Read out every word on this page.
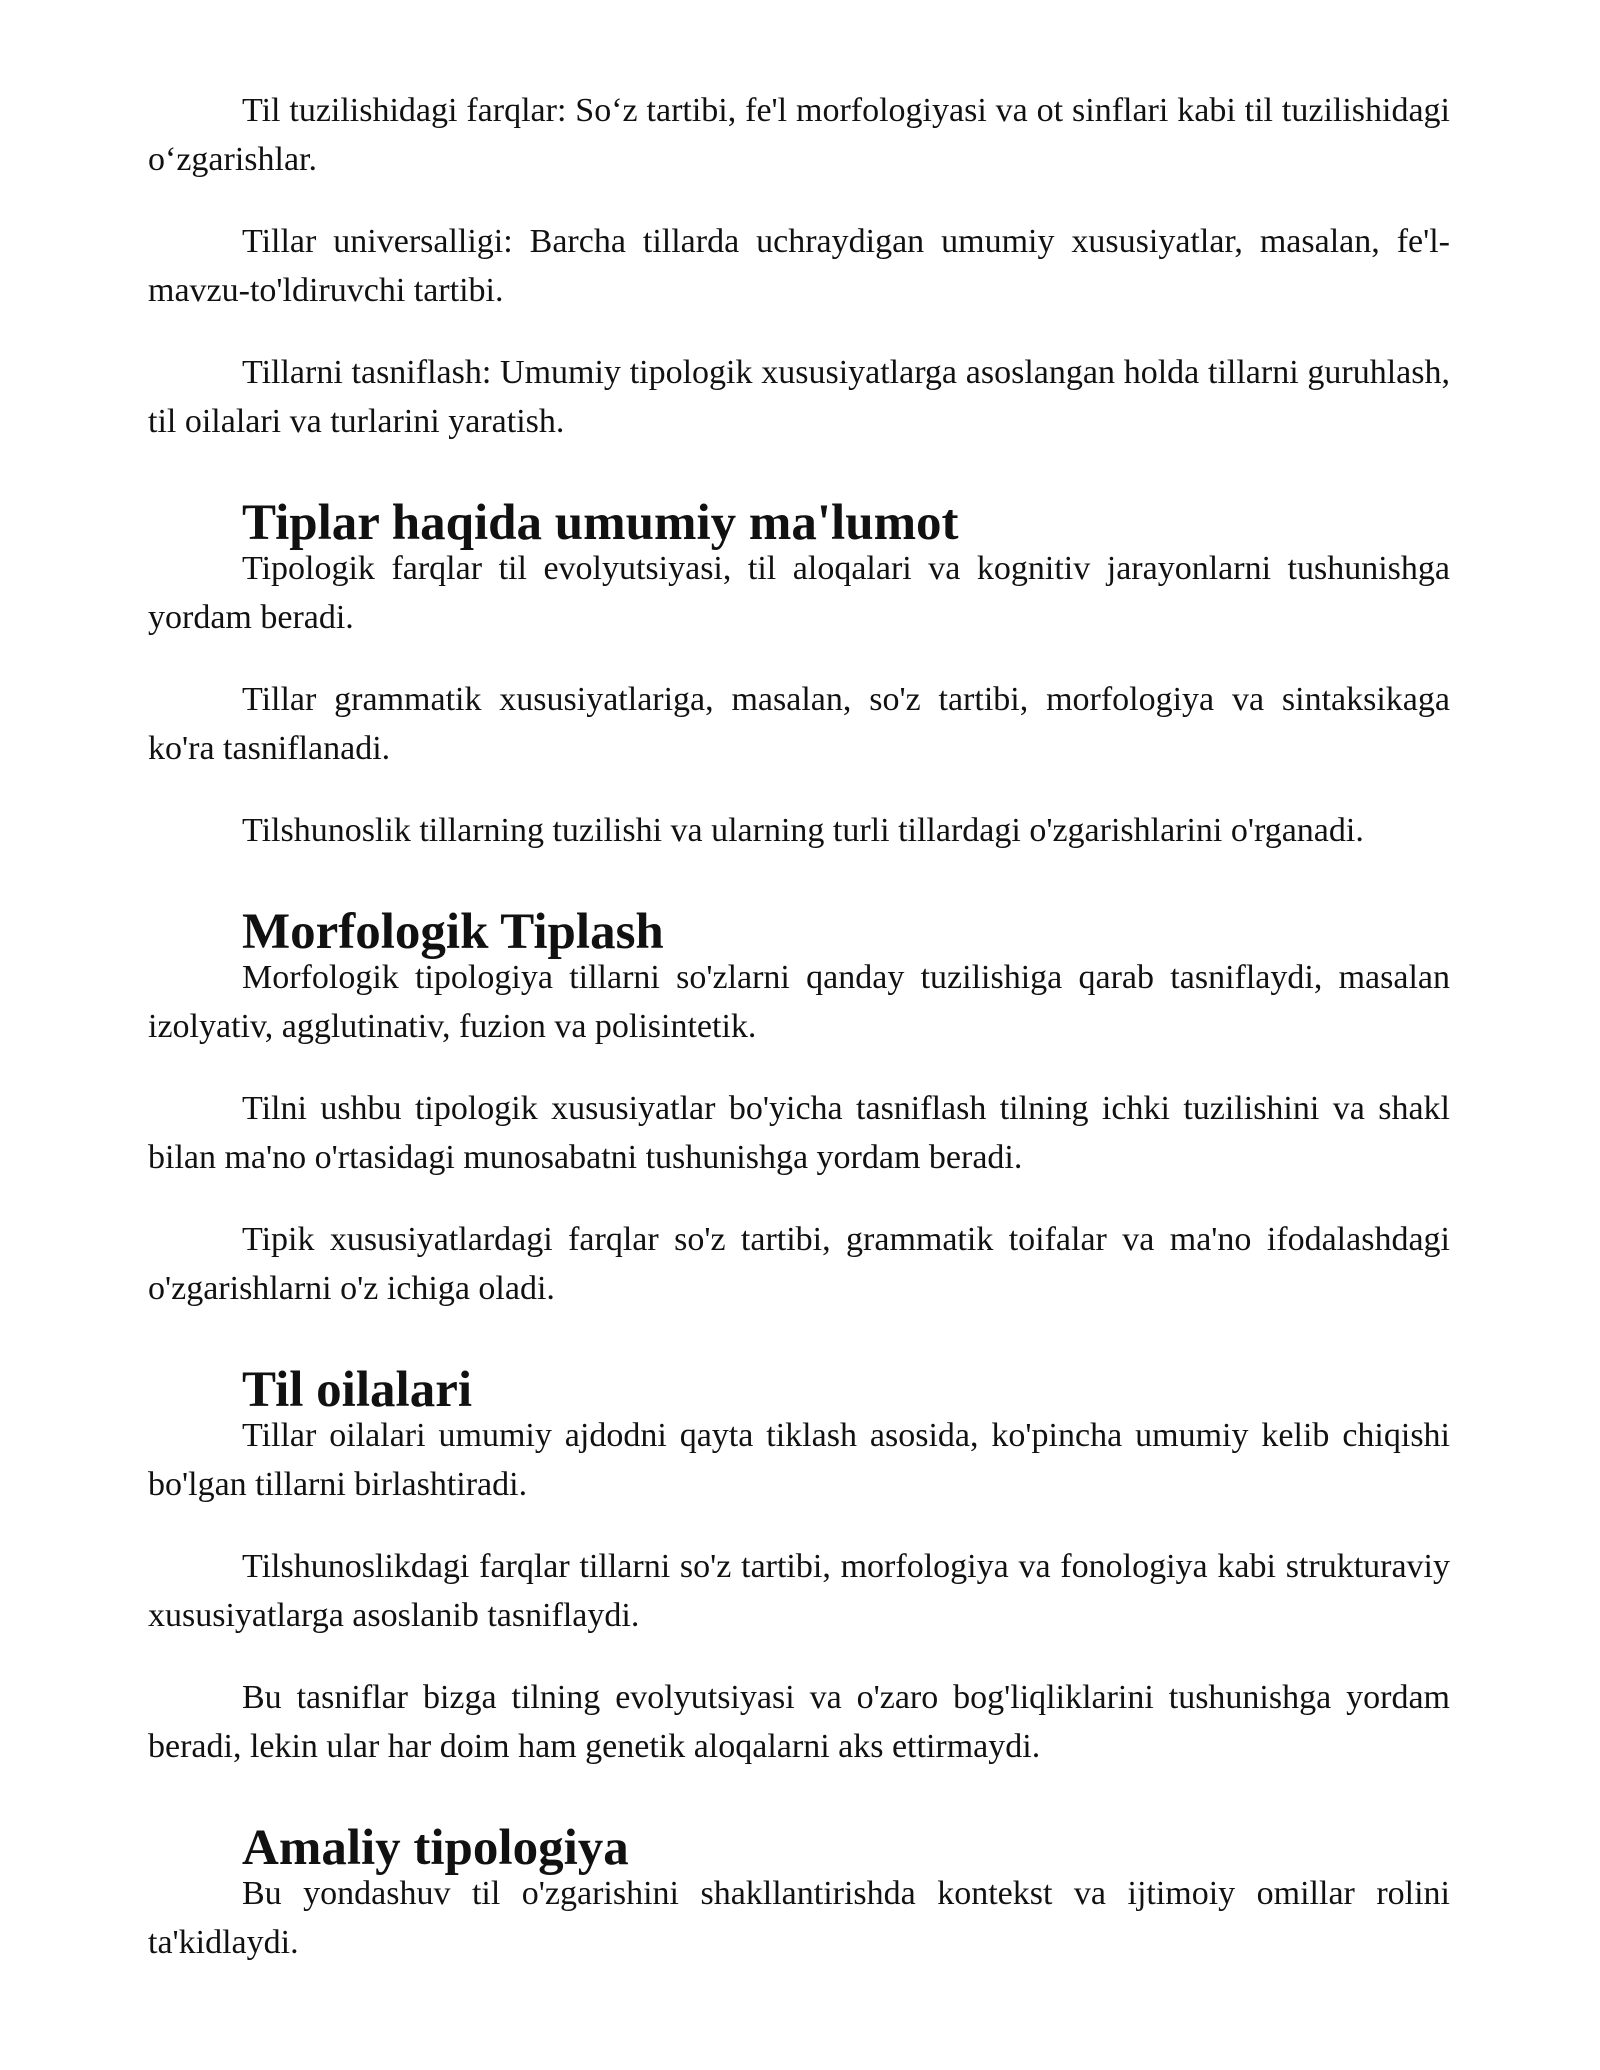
Til tuzilishidagi farqlar: So‘z tartibi, fe'l morfologiyasi va ot sinflari kabi til tuzilishidagi o‘zgarishlar.

Tillar universalligi: Barcha tillarda uchraydigan umumiy xususiyatlar, masalan, fe'l-mavzu-to'ldiruvchi tartibi.

Tillarni tasniflash: Umumiy tipologik xususiyatlarga asoslangan holda tillarni guruhlash, til oilalari va turlarini yaratish.

Tiplar haqida umumiy ma'lumot

Tipologik farqlar til evolyutsiyasi, til aloqalari va kognitiv jarayonlarni tushunishga yordam beradi.

Tillar grammatik xususiyatlariga, masalan, so'z tartibi, morfologiya va sintaksikaga ko'ra tasniflanadi.

Tilshunoslik tillarning tuzilishi va ularning turli tillardagi o'zgarishlarini o'rganadi.

Morfologik Tiplash

Morfologik tipologiya tillarni so'zlarni qanday tuzilishiga qarab tasniflaydi, masalan izolyativ, agglutinativ, fuzion va polisintetik.

Tilni ushbu tipologik xususiyatlar bo'yicha tasniflash tilning ichki tuzilishini va shakl bilan ma'no o'rtasidagi munosabatni tushunishga yordam beradi.

Tipik xususiyatlardagi farqlar so'z tartibi, grammatik toifalar va ma'no ifodalashdagi o'zgarishlarni o'z ichiga oladi.

Til oilalari

Tillar oilalari umumiy ajdodni qayta tiklash asosida, ko'pincha umumiy kelib chiqishi bo'lgan tillarni birlashtiradi.

Tilshunoslikdagi farqlar tillarni so'z tartibi, morfologiya va fonologiya kabi strukturaviy xususiyatlarga asoslanib tasniflaydi.

Bu tasniflar bizga tilning evolyutsiyasi va o'zaro bog'liqliklarini tushunishga yordam beradi, lekin ular har doim ham genetik aloqalarni aks ettirmaydi.

Amaliy tipologiya

Bu yondashuv til o'zgarishini shakllantirishda kontekst va ijtimoiy omillar rolini ta'kidlaydi.
